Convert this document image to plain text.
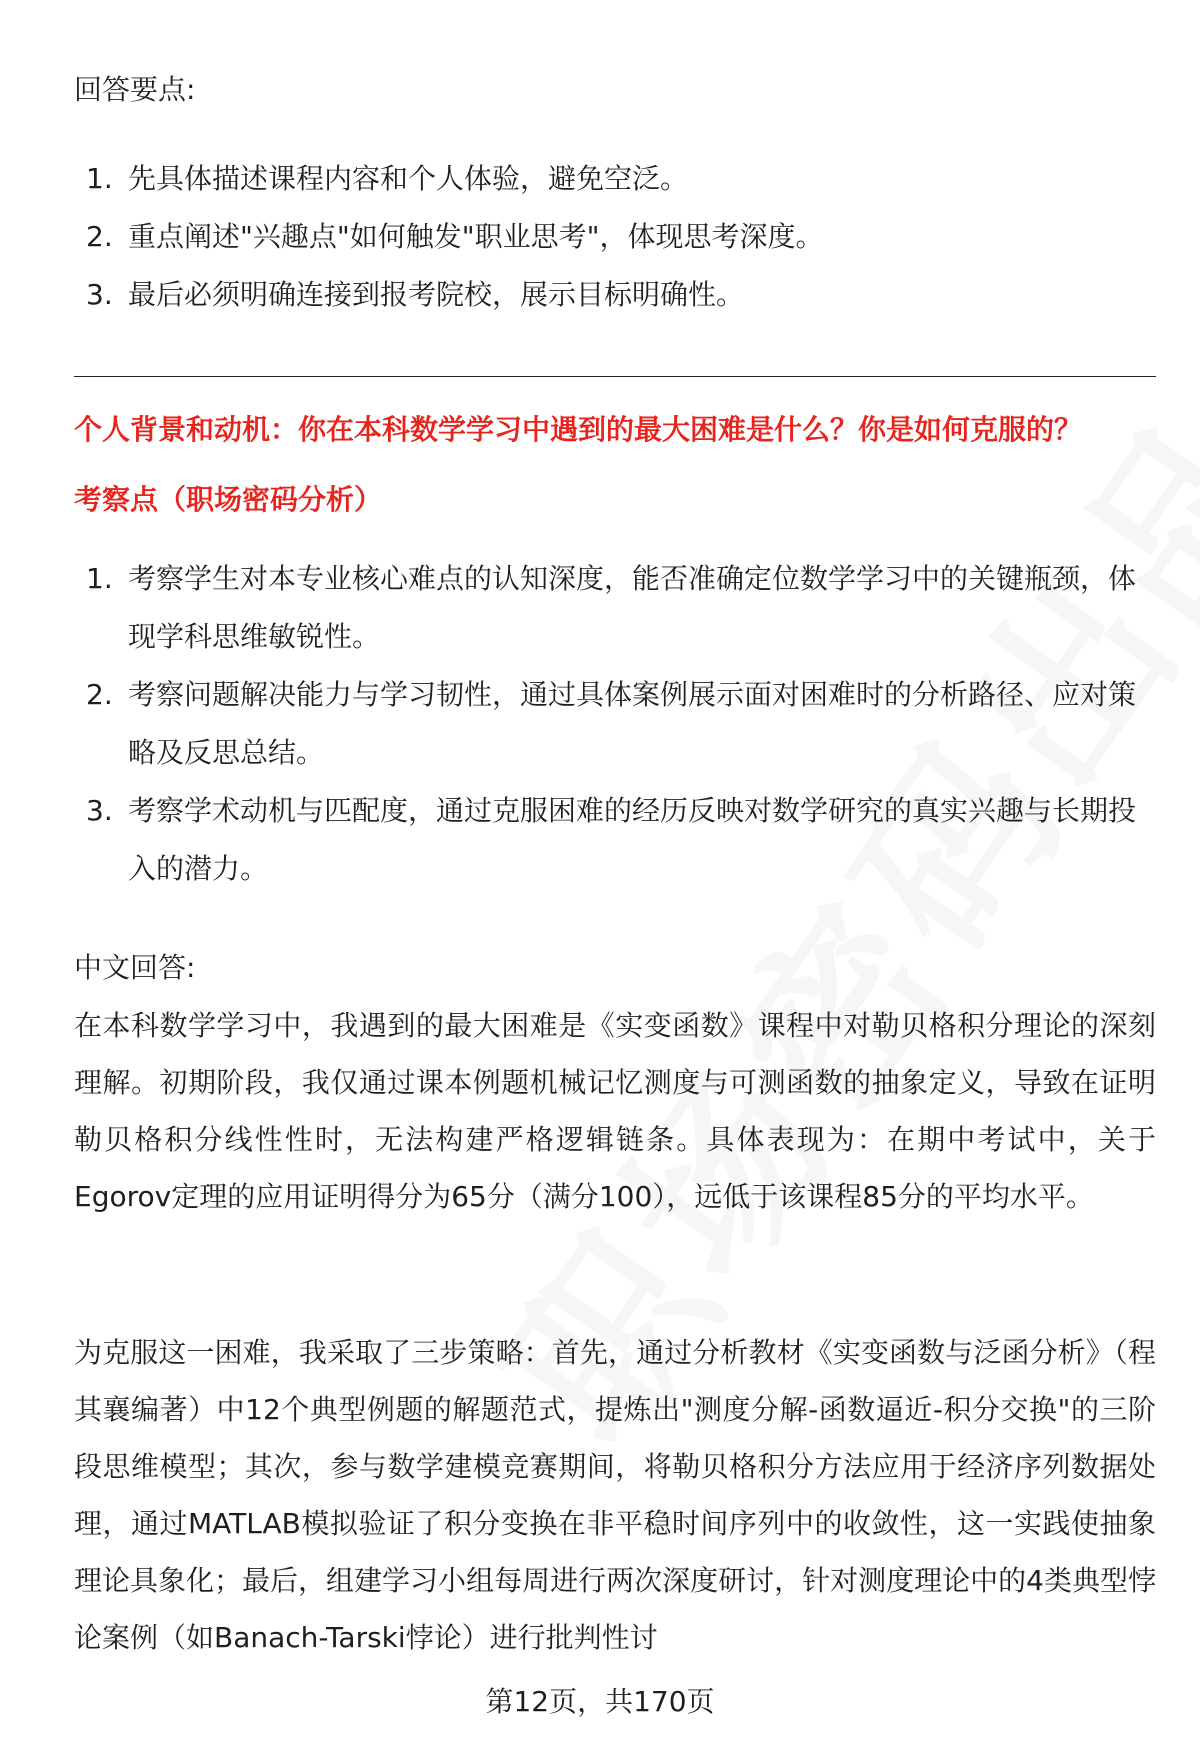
回答要点:
1. 先具体描述课程内容和个人体验，避免空泛。
2. 重点阐述"兴趣点"如何触发"职业思考"，体现思考深度。
3. 最后必须明确连接到报考院校，展示目标明确性。
个人背景和动机：你在本科数学学习中遇到的最大困难是什么？你是如何克服的？
考察点（职场密码分析）
1. 考察学生对本专业核心难点的认知深度，能否准确定位数学学习中的关键瓶颈，体现学科思维敏锐性。
2. 考察问题解决能力与学习韧性，通过具体案例展示面对困难时的分析路径、应对策略及反思总结。
3. 考察学术动机与匹配度，通过克服困难的经历反映对数学研究的真实兴趣与长期投入的潜力。
中文回答:
在本科数学学习中，我遇到的最大困难是《实变函数》课程中对勒贝格积分理论的深刻理解。初期阶段，我仅通过课本例题机械记忆测度与可测函数的抽象定义，导致在证明勒贝格积分线性性时，无法构建严格逻辑链条。具体表现为：在期中考试中，关于Egorov定理的应用证明得分为65分（满分100），远低于该课程85分的平均水平。
为克服这一困难，我采取了三步策略：首先，通过分析教材《实变函数与泛函分析》（程其襄编著）中12个典型例题的解题范式，提炼出"测度分解-函数逼近-积分交换"的三阶段思维模型；其次，参与数学建模竞赛期间，将勒贝格积分方法应用于经济序列数据处理，通过MATLAB模拟验证了积分变换在非平稳时间序列中的收敛性，这一实践使抽象理论具象化；最后，组建学习小组每周进行两次深度研讨，针对测度理论中的4类典型悖论案例（如Banach-Tarski悖论）进行批判性讨
第12页，共170页
